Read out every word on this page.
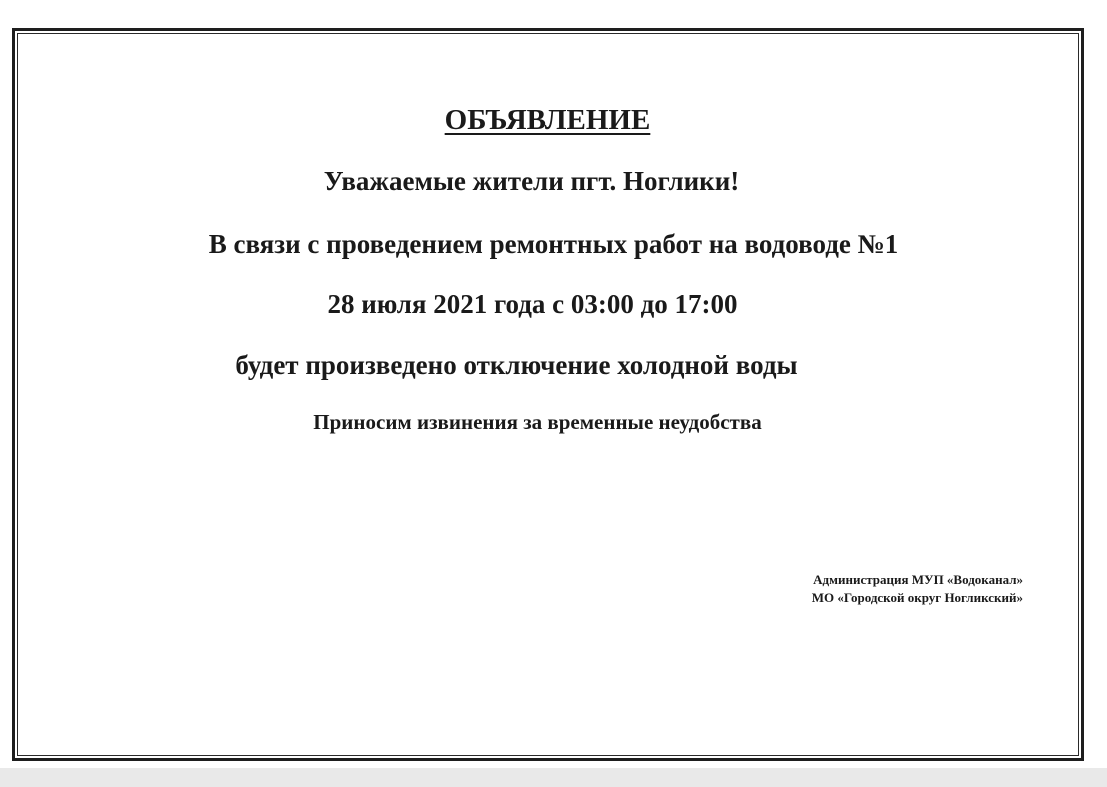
ОБЪЯВЛЕНИЕ

Уважаемые жители пгт. Ноглики!

В связи с проведением ремонтных работ на водоводе №1

28 июля 2021 года с 03:00 до 17:00

будет произведено отключение холодной воды

Приносим извинения за временные неудобства

Администрация МУП «Водоканал»
МО «Городской округ Ногликский»
